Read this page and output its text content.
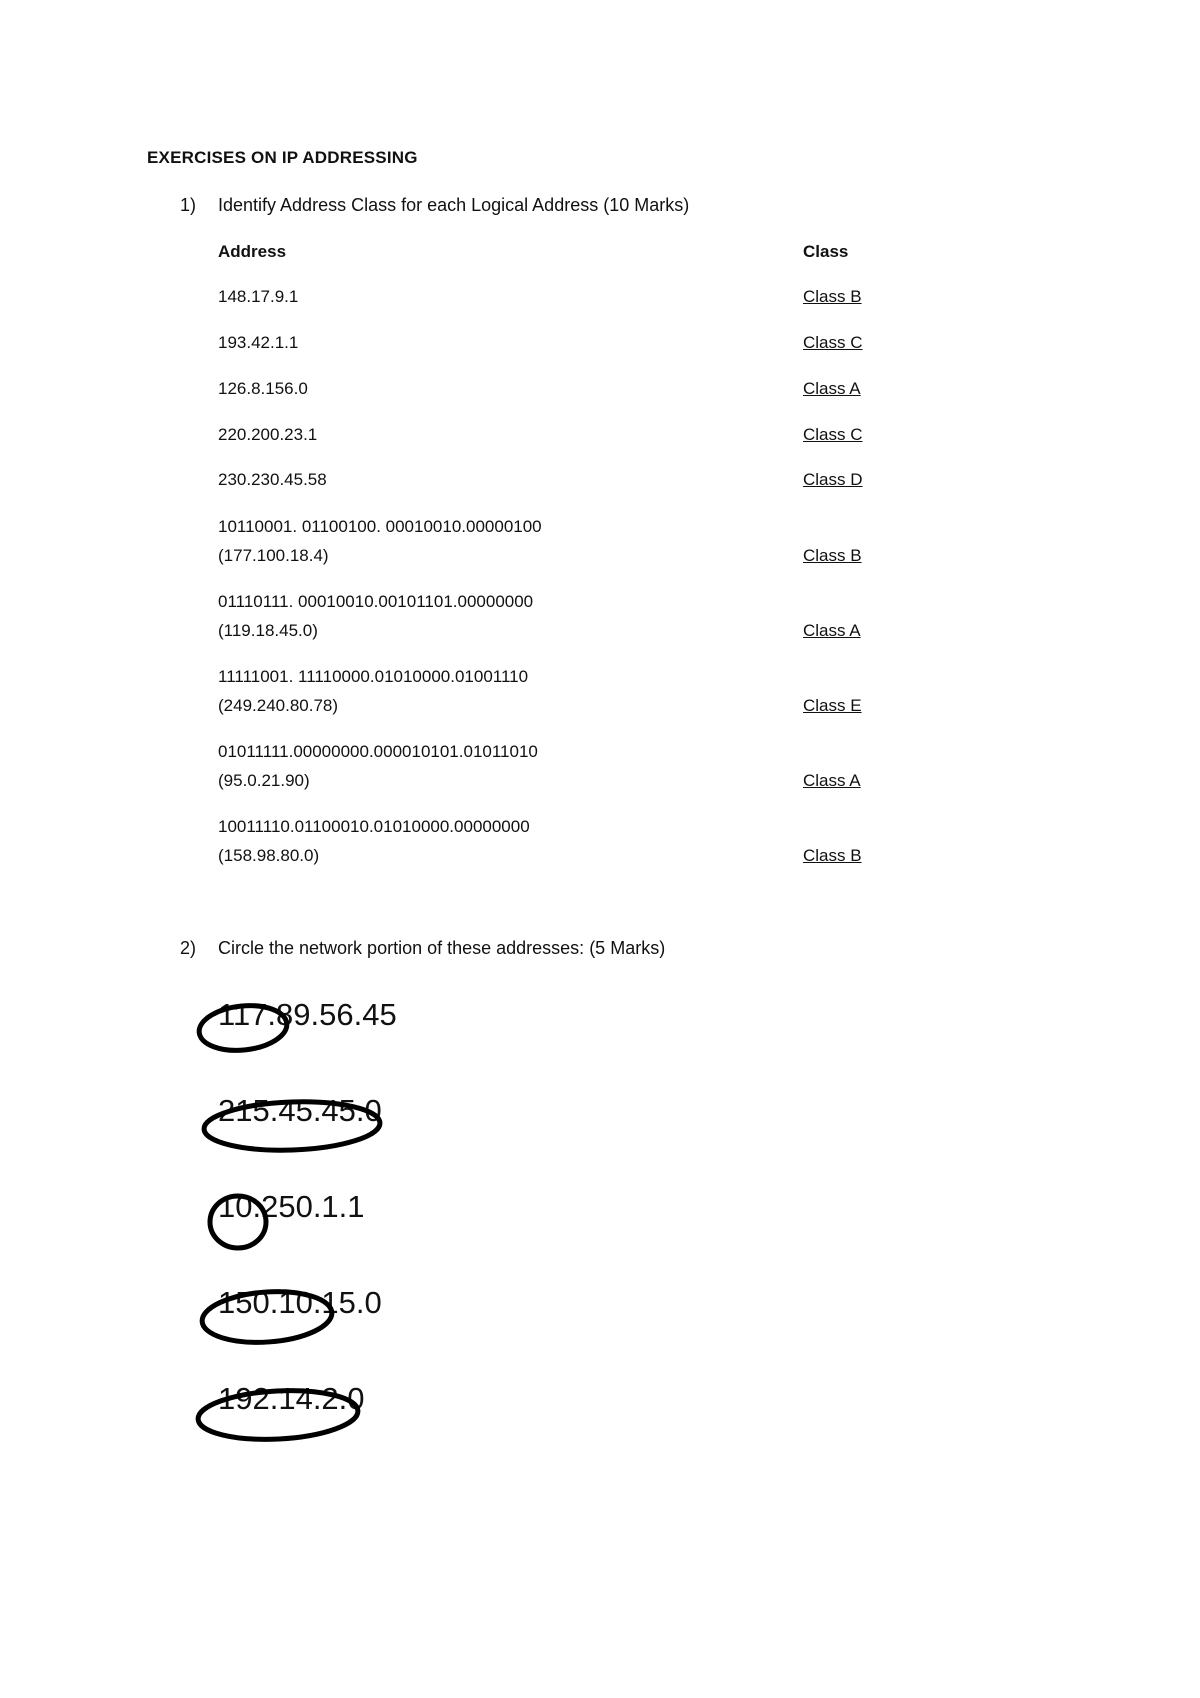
EXERCISES ON IP ADDRESSING
1) Identify Address Class for each Logical Address (10 Marks)
Address	Class
148.17.9.1	Class B
193.42.1.1	Class C
126.8.156.0	Class A
220.200.23.1	Class C
230.230.45.58	Class D
10110001. 01100100. 00010010.00000100
(177.100.18.4)	Class B
01110111. 00010010.00101101.00000000
(119.18.45.0)	Class A
11111001. 11110000.01010000.01001110
(249.240.80.78)	Class E
01011111.00000000.000010101.01011010
(95.0.21.90)	Class A
10011110.01100010.01010000.00000000
(158.98.80.0)	Class B
2) Circle the network portion of these addresses: (5 Marks)
117.89.56.45
215.45.45.0
10.250.1.1
150.10.15.0
192.14.2.0
